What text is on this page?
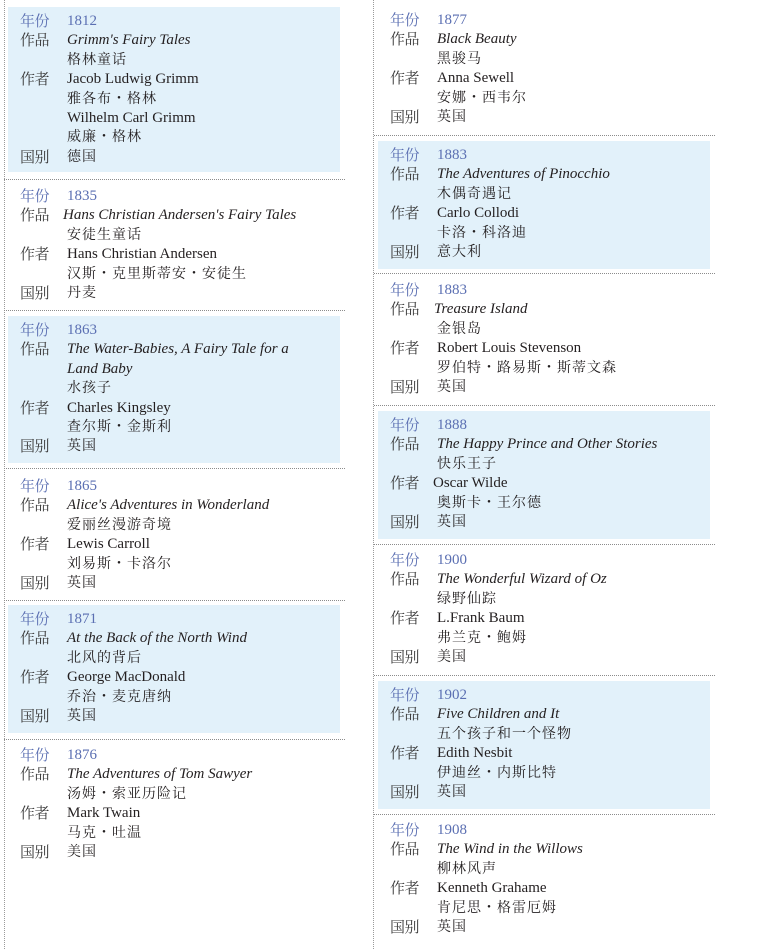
年份	1812
作品	Grimm's Fairy Tales
格林童话
作者	Jacob Ludwig Grimm
雅各布・格林
Wilhelm Carl Grimm
威廉・格林
国别	德国
年份	1835
作品 Hans Christian Andersen's Fairy Tales
安徒生童话
作者	Hans Christian Andersen
汉斯・克里斯蒂安・安徒生
国别	丹麦
年份	1863
作品	The Water-Babies, A Fairy Tale for a
Land Baby
水孩子
作者	Charles Kingsley
查尔斯・金斯利
国别	英国
年份	1865
作品	Alice's Adventures in Wonderland
爱丽丝漫游奇境
作者	Lewis Carroll
刘易斯・卡洛尔
国别	英国
年份	1871
作品	At the Back of the North Wind
北风的背后
作者	George MacDonald
乔治・麦克唐纳
国别	英国
年份	1876
作品	The Adventures of Tom Sawyer
汤姆・索亚历险记
作者	Mark Twain
马克・吐温
国别	美国
年份	1877
作品	Black Beauty
黑骏马
作者	Anna Sewell
安娜・西韦尔
国别	英国
年份	1883
作品	The Adventures of Pinocchio
木偶奇遇记
作者	Carlo Collodi
卡洛・科洛迪
国别	意大利
年份	1883
作品 Treasure Island
金银岛
作者	Robert Louis Stevenson
罗伯特・路易斯・斯蒂文森
国别	英国
年份	1888
作品	The Happy Prince and Other Stories
快乐王子
作者 Oscar Wilde
奥斯卡・王尔德
国别	英国
年份	1900
作品	The Wonderful Wizard of Oz
绿野仙踪
作者	L.Frank Baum
弗兰克・鲍姆
国别	美国
年份	1902
作品	Five Children and It
五个孩子和一个怪物
作者	Edith Nesbit
伊迪丝・内斯比特
国别	英国
年份	1908
作品	The Wind in the Willows
柳林风声
作者	Kenneth Grahame
肯尼思・格雷厄姆
国别	英国
